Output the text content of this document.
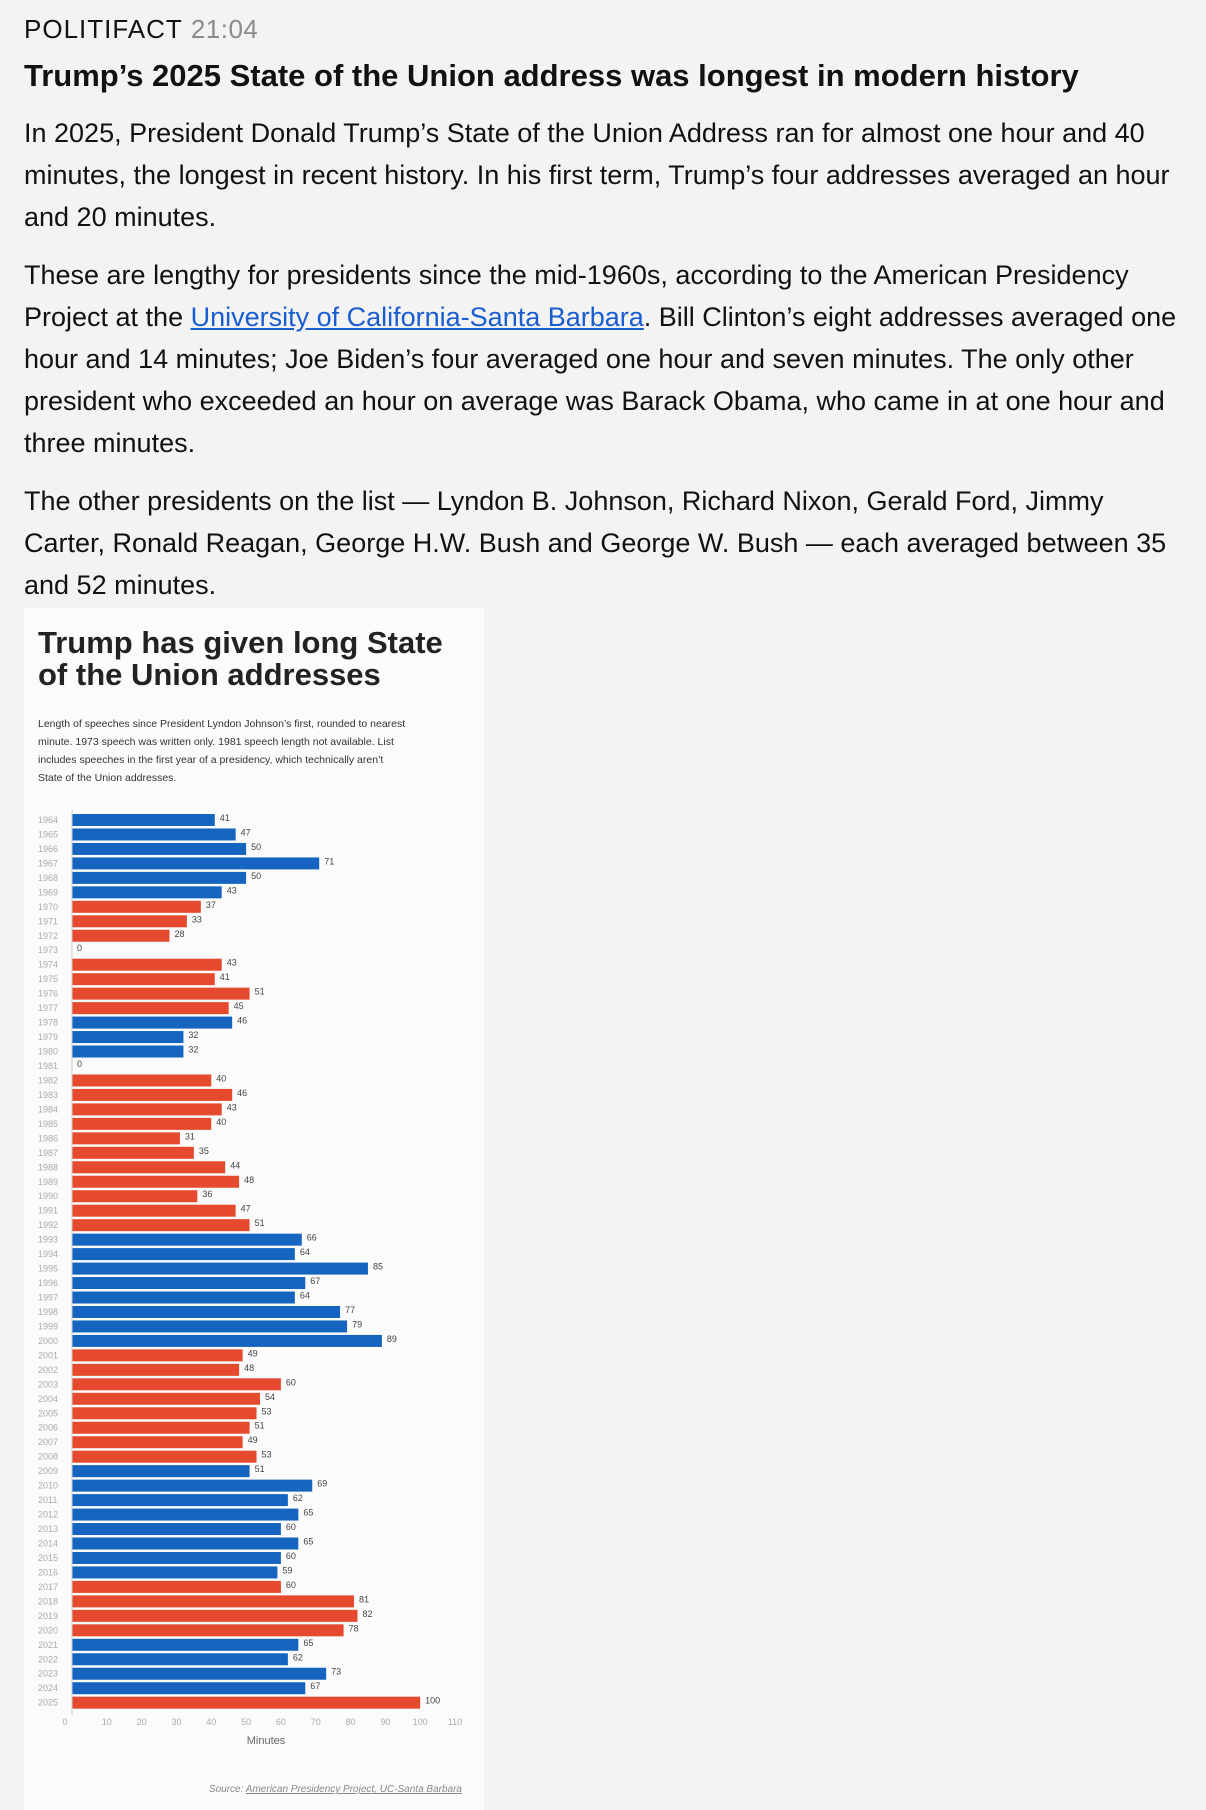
POLITIFACT 21:04
Trump’s 2025 State of the Union address was longest in modern history

In 2025, President Donald Trump’s State of the Union Address ran for almost one hour and 40 minutes, the longest in recent history. In his first term, Trump’s four addresses averaged an hour and 20 minutes.

These are lengthy for presidents since the mid-1960s, according to the American Presidency Project at the University of California-Santa Barbara. Bill Clinton’s eight addresses averaged one hour and 14 minutes; Joe Biden’s four averaged one hour and seven minutes. The only other president who exceeded an hour on average was Barack Obama, who came in at one hour and three minutes.

The other presidents on the list — Lyndon B. Johnson, Richard Nixon, Gerald Ford, Jimmy Carter, Ronald Reagan, George H.W. Bush and George W. Bush — each averaged between 35 and 52 minutes.

Trump has given long State
of the Union addresses
Length of speeches since President Lyndon Johnson’s first, rounded to nearest
minute. 1973 speech was written only. 1981 speech length not available. List
includes speeches in the first year of a presidency, which technically aren’t
State of the Union addresses.
1964	41
1965	47
1966	50
1967	71
1968	50
1969	43
1970	37
1971	33
1972	28
1973 0
1974	43
1975	41
1976	51
1977	45
1978	46
1979	32
1980	32
1981 0
1982	40
1983	46
1984	43
1985	40
1986	31
1987	35
1988	44
1989	48
1990	36
1991	47
1992	51
1993	66
1994	64
1995	85
1996	67
1997	64
1998	77
1999	79
2000	89
2001	49
2002	48
2003	60
2004	54
2005	53
2006	51
2007	49
2008	53
2009	51
2010	69
2011	62
2012	65
2013	60
2014	65
2015	60
2016	59
2017	60
2018	81
2019	82
2020	78
2021	65
2022	62
2023	73
2024	67
2025	100
0	10	20	30	40	50	60	70	80	90 100 110
Minutes
Source: American Presidency Project, UC-Santa Barbara
